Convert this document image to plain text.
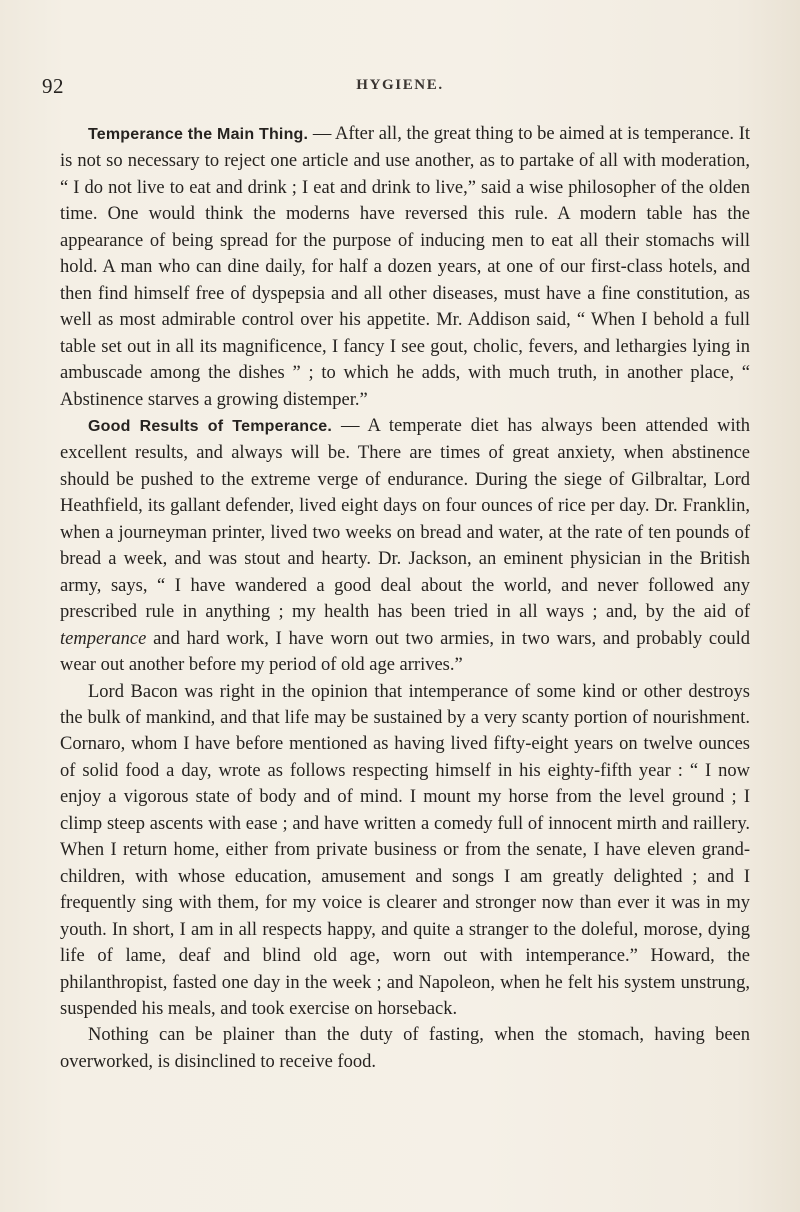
92	HYGIENE.

Temperance the Main Thing. — After all, the great thing to be aimed at is temperance. It is not so necessary to reject one article and use another, as to partake of all with moderation, “ I do not live to eat and drink ; I eat and drink to live,” said a wise philosopher of the olden time. One would think the moderns have reversed this rule. A modern table has the appearance of being spread for the purpose of inducing men to eat all their stomachs will hold. A man who can dine daily, for half a dozen years, at one of our first-class hotels, and then find himself free of dyspepsia and all other diseases, must have a fine constitution, as well as most admirable control over his appetite. Mr. Addison said, “ When I behold a full table set out in all its magnificence, I fancy I see gout, cholic, fevers, and lethargies lying in ambuscade among the dishes ” ; to which he adds, with much truth, in another place, “ Abstinence starves a growing distemper.”

Good Results of Temperance. — A temperate diet has always been attended with excellent results, and always will be. There are times of great anxiety, when abstinence should be pushed to the extreme verge of endurance. During the siege of Gilbraltar, Lord Heathfield, its gallant defender, lived eight days on four ounces of rice per day. Dr. Franklin, when a journeyman printer, lived two weeks on bread and water, at the rate of ten pounds of bread a week, and was stout and hearty. Dr. Jackson, an eminent physician in the British army, says, “ I have wandered a good deal about the world, and never followed any prescribed rule in anything ; my health has been tried in all ways ; and, by the aid of temperance and hard work, I have worn out two armies, in two wars, and probably could wear out another before my period of old age arrives.”

Lord Bacon was right in the opinion that intemperance of some kind or other destroys the bulk of mankind, and that life may be sustained by a very scanty portion of nourishment. Cornaro, whom I have before mentioned as having lived fifty-eight years on twelve ounces of solid food a day, wrote as follows respecting himself in his eighty-fifth year : “ I now enjoy a vigorous state of body and of mind. I mount my horse from the level ground ; I climp steep ascents with ease ; and have written a comedy full of innocent mirth and raillery. When I return home, either from private business or from the senate, I have eleven grand-children, with whose education, amusement and songs I am greatly delighted ; and I frequently sing with them, for my voice is clearer and stronger now than ever it was in my youth. In short, I am in all respects happy, and quite a stranger to the doleful, morose, dying life of lame, deaf and blind old age, worn out with intemperance.” Howard, the philanthropist, fasted one day in the week ; and Napoleon, when he felt his system unstrung, suspended his meals, and took exercise on horseback.

Nothing can be plainer than the duty of fasting, when the stomach, having been overworked, is disinclined to receive food.
